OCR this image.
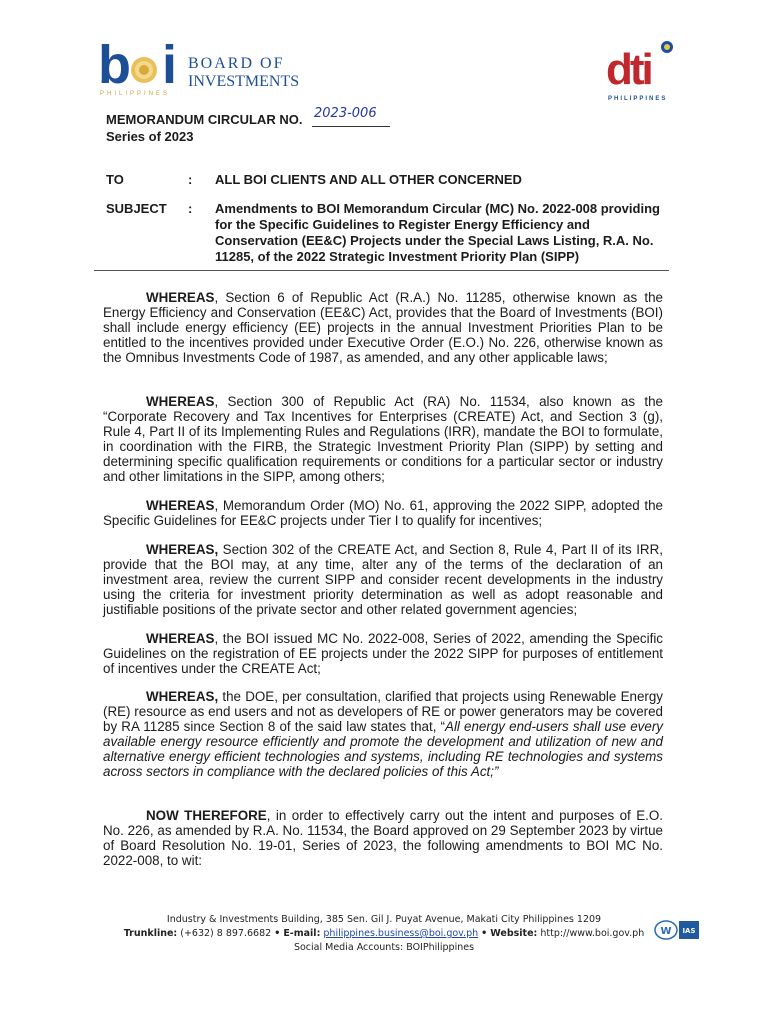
b i BOARD OF
INVESTMENTS
PHILIPPINES	dti
PHILIPPINES
MEMORANDUM CIRCULAR NO. 2023-006
Series of 2023
TO	: ALL BOI CLIENTS AND ALL OTHER CONCERNED
SUBJECT : Amendments to BOI Memorandum Circular (MC) No. 2022-008 providing for the Specific Guidelines to Register Energy Efficiency and Conservation (EE&C) Projects under the Special Laws Listing, R.A. No. 11285, of the 2022 Strategic Investment Priority Plan (SIPP)
WHEREAS, Section 6 of Republic Act (R.A.) No. 11285, otherwise known as the Energy Efficiency and Conservation (EE&C) Act, provides that the Board of Investments (BOI) shall include energy efficiency (EE) projects in the annual Investment Priorities Plan to be entitled to the incentives provided under Executive Order (E.O.) No. 226, otherwise known as the Omnibus Investments Code of 1987, as amended, and any other applicable laws;
WHEREAS, Section 300 of Republic Act (RA) No. 11534, also known as the “Corporate Recovery and Tax Incentives for Enterprises (CREATE) Act, and Section 3 (g), Rule 4, Part II of its Implementing Rules and Regulations (IRR), mandate the BOI to formulate, in coordination with the FIRB, the Strategic Investment Priority Plan (SIPP) by setting and determining specific qualification requirements or conditions for a particular sector or industry and other limitations in the SIPP, among others;
WHEREAS, Memorandum Order (MO) No. 61, approving the 2022 SIPP, adopted the Specific Guidelines for EE&C projects under Tier I to qualify for incentives;
WHEREAS, Section 302 of the CREATE Act, and Section 8, Rule 4, Part II of its IRR, provide that the BOI may, at any time, alter any of the terms of the declaration of an investment area, review the current SIPP and consider recent developments in the industry using the criteria for investment priority determination as well as adopt reasonable and justifiable positions of the private sector and other related government agencies;
WHEREAS, the BOI issued MC No. 2022-008, Series of 2022, amending the Specific Guidelines on the registration of EE projects under the 2022 SIPP for purposes of entitlement of incentives under the CREATE Act;
WHEREAS, the DOE, per consultation, clarified that projects using Renewable Energy (RE) resource as end users and not as developers of RE or power generators may be covered by RA 11285 since Section 8 of the said law states that, “All energy end-users shall use every available energy resource efficiently and promote the development and utilization of new and alternative energy efficient technologies and systems, including RE technologies and systems across sectors in compliance with the declared policies of this Act;”
NOW THEREFORE, in order to effectively carry out the intent and purposes of E.O. No. 226, as amended by R.A. No. 11534, the Board approved on 29 September 2023 by virtue of Board Resolution No. 19-01, Series of 2023, the following amendments to BOI MC No. 2022-008, to wit:
Industry & Investments Building, 385 Sen. Gil J. Puyat Avenue, Makati City Philippines 1209
Trunkline: (+632) 8 897.6682 • E-mail: philippines.business@boi.gov.ph • Website: http://www.boi.gov.ph
Social Media Accounts: BOIPhilippines
W IAS
